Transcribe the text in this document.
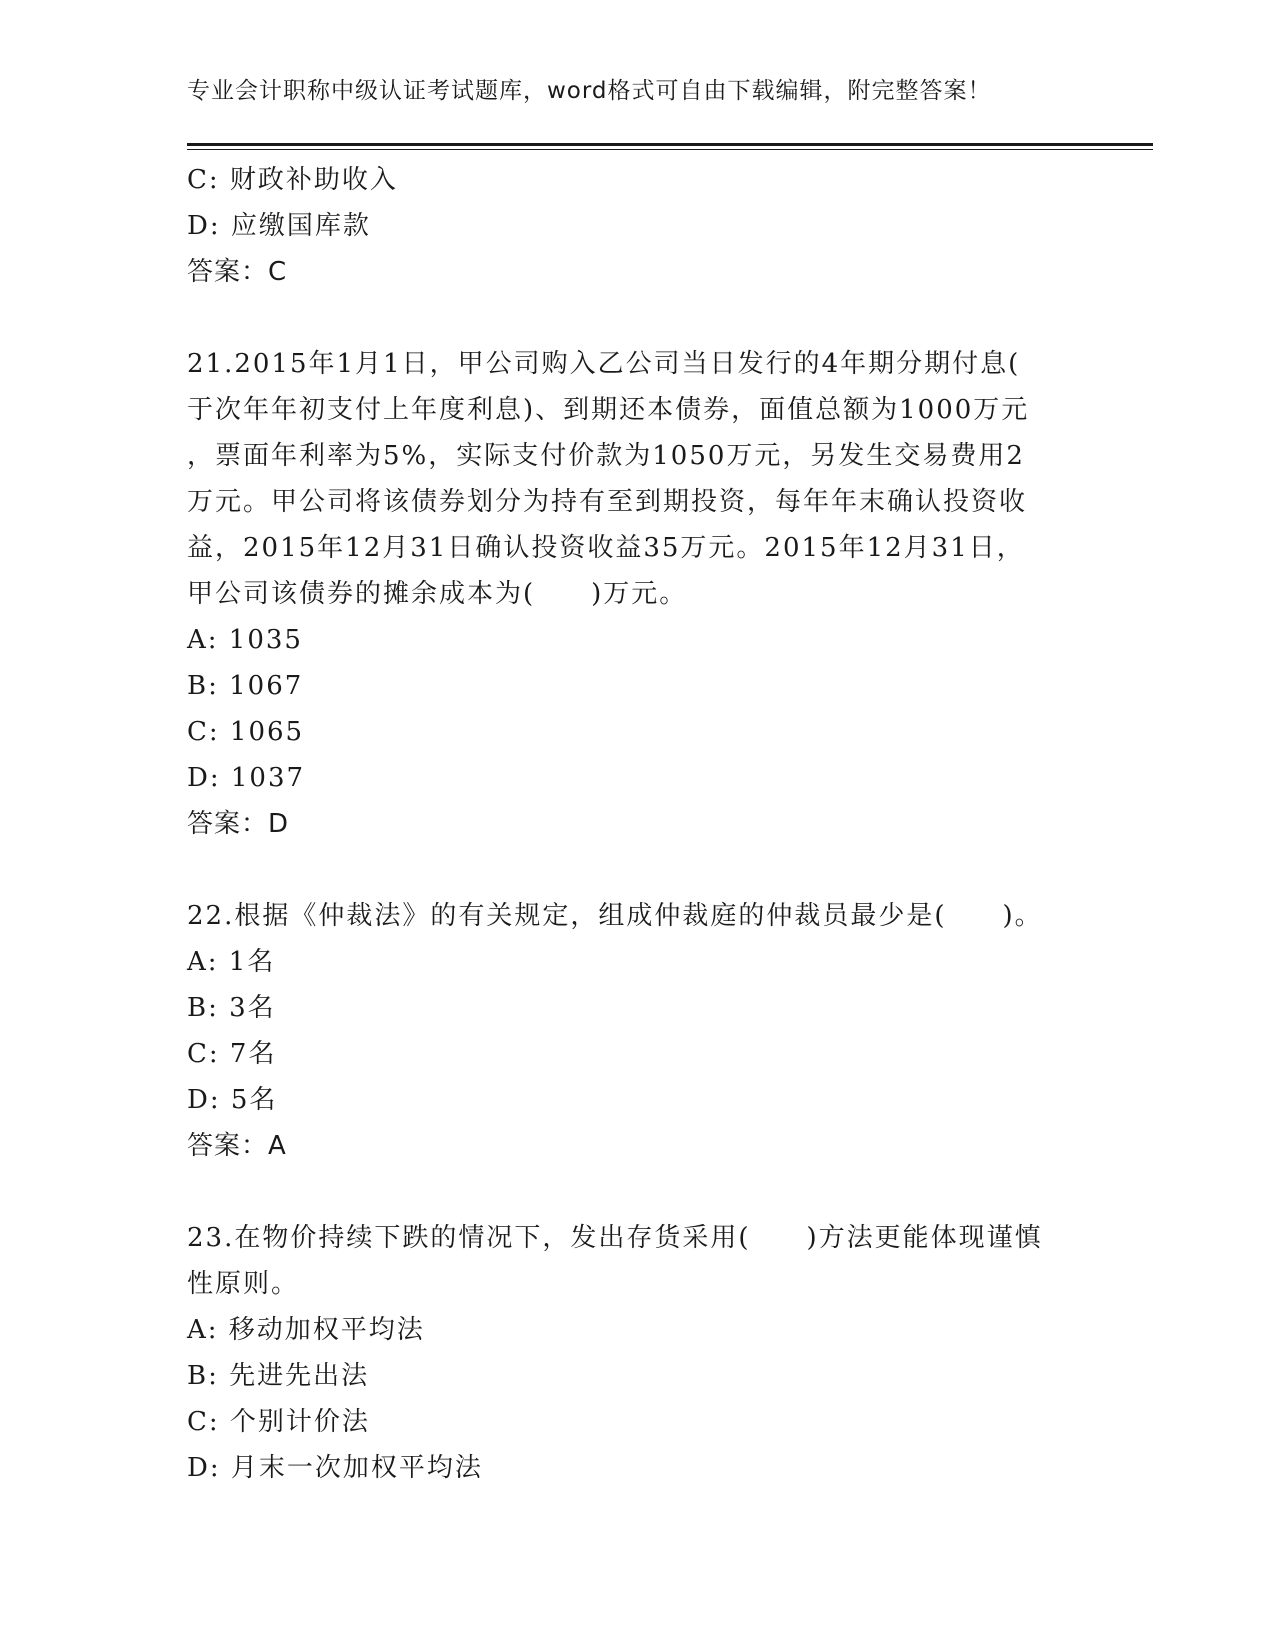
专业会计职称中级认证考试题库，word格式可自由下载编辑，附完整答案！
C: 财政补助收入
D: 应缴国库款
答案：C
21.2015年1月1日，甲公司购入乙公司当日发行的4年期分期付息(
于次年年初支付上年度利息)、到期还本债券，面值总额为1000万元
，票面年利率为5%，实际支付价款为1050万元，另发生交易费用2
万元。甲公司将该债券划分为持有至到期投资，每年年末确认投资收
益，2015年12月31日确认投资收益35万元。2015年12月31日，
甲公司该债券的摊余成本为(　　)万元。
A: 1035
B: 1067
C: 1065
D: 1037
答案：D
22.根据《仲裁法》的有关规定，组成仲裁庭的仲裁员最少是(　　)。
A: 1名
B: 3名
C: 7名
D: 5名
答案：A
23.在物价持续下跌的情况下，发出存货采用(　　)方法更能体现谨慎
性原则。
A: 移动加权平均法
B: 先进先出法
C: 个别计价法
D: 月末一次加权平均法
